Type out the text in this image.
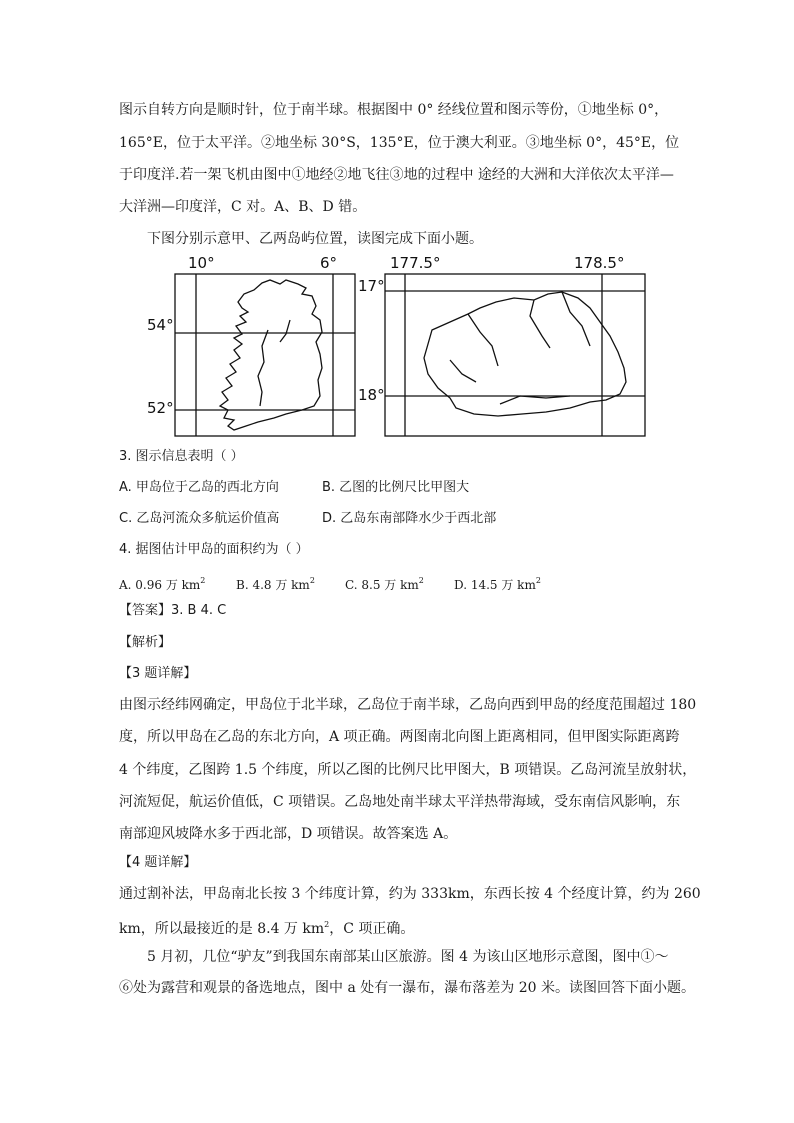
图示自转方向是顺时针，位于南半球。根据图中 0° 经线位置和图示等份，①地坐标 0°，
165°E，位于太平洋。②地坐标 30°S，135°E，位于澳大利亚。③地坐标 0°，45°E，位
于印度洋.若一架飞机由图中①地经②地飞往③地的过程中 途经的大洲和大洋依次太平洋—
大洋洲—印度洋，C 对。A、B、D 错。
下图分别示意甲、乙两岛屿位置，读图完成下面小题。
10°	6°
54°
52°
177.5°	178.5°
17°
18°
3. 图示信息表明（ ）
A. 甲岛位于乙岛的西北方向	B. 乙图的比例尺比甲图大
C. 乙岛河流众多航运价值高	D. 乙岛东南部降水少于西北部
4. 据图估计甲岛的面积约为（ ）
A. 0.96 万 $km^2$	B. 4.8 万 $km^2$	C. 8.5 万 $km^2$	D. 14.5 万 $km^2$
【答案】3. B 4. C
【解析】
【3 题详解】
由图示经纬网确定，甲岛位于北半球，乙岛位于南半球，乙岛向西到甲岛的经度范围超过 180
度，所以甲岛在乙岛的东北方向，A 项正确。两图南北向图上距离相同，但甲图实际距离跨
4 个纬度，乙图跨 1.5 个纬度，所以乙图的比例尺比甲图大，B 项错误。乙岛河流呈放射状，
河流短促，航运价值低，C 项错误。乙岛地处南半球太平洋热带海域，受东南信风影响，东
南部迎风坡降水多于西北部，D 项错误。故答案选 A。
【4 题详解】
通过割补法，甲岛南北长按 3 个纬度计算，约为 333km，东西长按 4 个经度计算，约为 260
km，所以最接近的是 8.4 万 $km^2$，C 项正确。
5 月初，几位“驴友”到我国东南部某山区旅游。图 4 为该山区地形示意图，图中①～
⑥处为露营和观景的备选地点，图中 a 处有一瀑布，瀑布落差为 20 米。读图回答下面小题。
